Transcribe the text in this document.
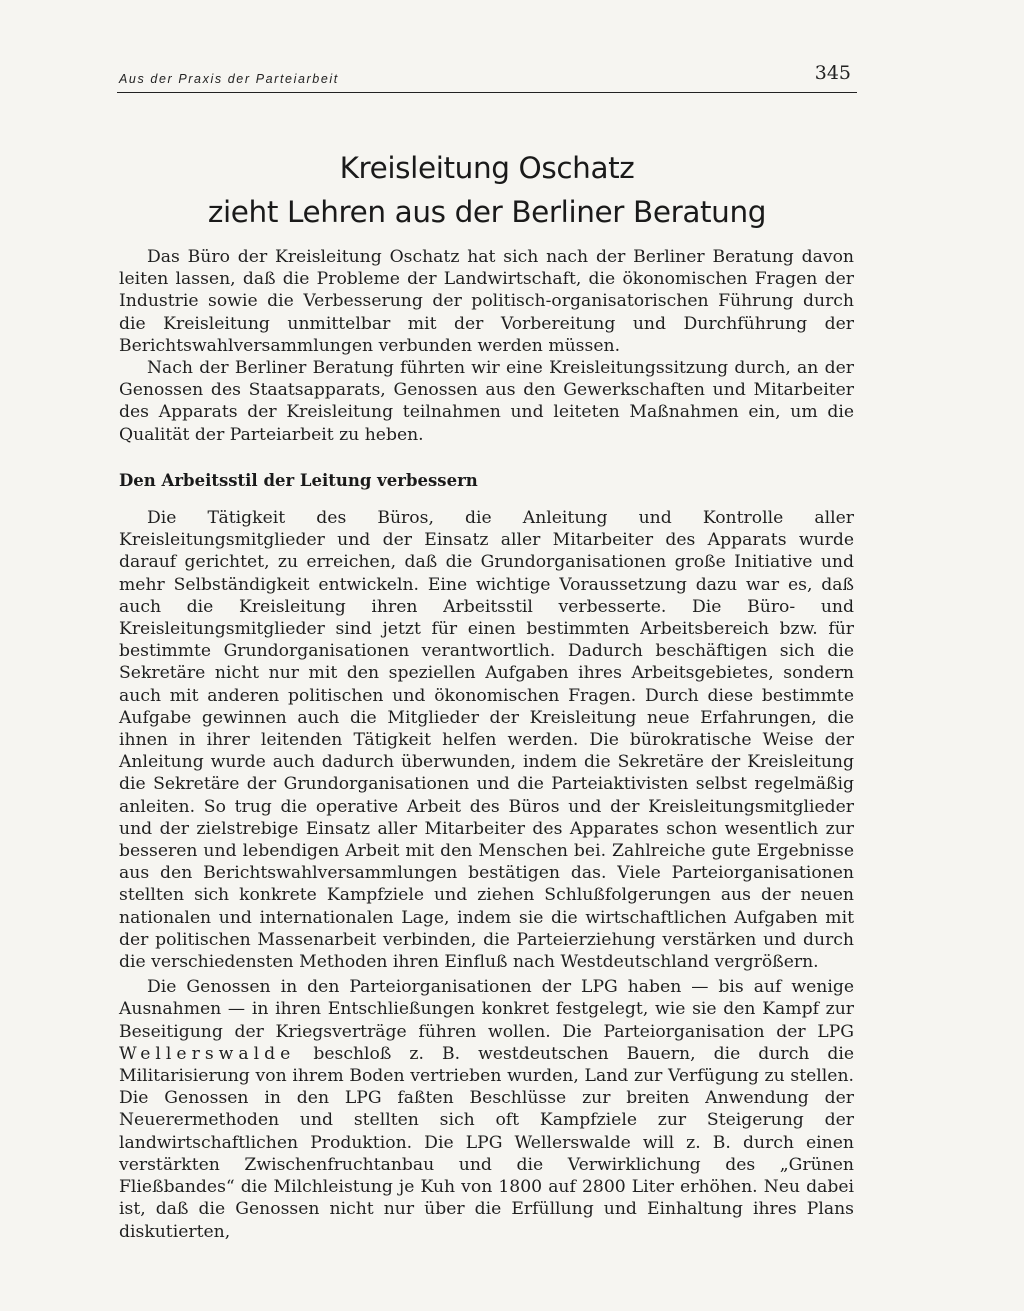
Aus der Praxis der Parteiarbeit	345
Kreisleitung Oschatz
zieht Lehren aus der Berliner Beratung

Das Büro der Kreisleitung Oschatz hat sich nach der Berliner Beratung davon leiten lassen, daß die Probleme der Landwirtschaft, die ökonomischen Fragen der Industrie sowie die Verbesserung der politisch-organisatorischen Führung durch die Kreisleitung unmittelbar mit der Vorbereitung und Durchführung der Berichtswahlversammlungen verbunden werden müssen.

Nach der Berliner Beratung führten wir eine Kreisleitungssitzung durch, an der Genossen des Staatsapparats, Genossen aus den Gewerkschaften und Mitarbeiter des Apparats der Kreisleitung teilnahmen und leiteten Maßnahmen ein, um die Qualität der Parteiarbeit zu heben.

Den Arbeitsstil der Leitung verbessern

Die Tätigkeit des Büros, die Anleitung und Kontrolle aller Kreisleitungsmitglieder und der Einsatz aller Mitarbeiter des Apparats wurde darauf gerichtet, zu erreichen, daß die Grundorganisationen große Initiative und mehr Selbständigkeit entwickeln. Eine wichtige Voraussetzung dazu war es, daß auch die Kreisleitung ihren Arbeitsstil verbesserte. Die Büro- und Kreisleitungsmitglieder sind jetzt für einen bestimmten Arbeitsbereich bzw. für bestimmte Grundorganisationen verantwortlich. Dadurch beschäftigen sich die Sekretäre nicht nur mit den speziellen Aufgaben ihres Arbeitsgebietes, sondern auch mit anderen politischen und ökonomischen Fragen. Durch diese bestimmte Aufgabe gewinnen auch die Mitglieder der Kreisleitung neue Erfahrungen, die ihnen in ihrer leitenden Tätigkeit helfen werden. Die bürokratische Weise der Anleitung wurde auch dadurch überwunden, indem die Sekretäre der Kreisleitung die Sekretäre der Grundorganisationen und die Parteiaktivisten selbst regelmäßig anleiten. So trug die operative Arbeit des Büros und der Kreisleitungsmitglieder und der zielstrebige Einsatz aller Mitarbeiter des Apparates schon wesentlich zur besseren und lebendigen Arbeit mit den Menschen bei. Zahlreiche gute Ergebnisse aus den Berichtswahlversammlungen bestätigen das. Viele Parteiorganisationen stellten sich konkrete Kampfziele und ziehen Schlußfolgerungen aus der neuen nationalen und internationalen Lage, indem sie die wirtschaftlichen Aufgaben mit der politischen Massenarbeit verbinden, die Parteierziehung verstärken und durch die verschiedensten Methoden ihren Einfluß nach Westdeutschland vergrößern.

Die Genossen in den Parteiorganisationen der LPG haben — bis auf wenige Ausnahmen — in ihren Entschließungen konkret festgelegt, wie sie den Kampf zur Beseitigung der Kriegsverträge führen wollen. Die Parteiorganisation der LPG Wellerswalde beschloß z. B. westdeutschen Bauern, die durch die Militarisierung von ihrem Boden vertrieben wurden, Land zur Verfügung zu stellen. Die Genossen in den LPG faßten Beschlüsse zur breiten Anwendung der Neuerermethoden und stellten sich oft Kampfziele zur Steigerung der landwirtschaftlichen Produktion. Die LPG Wellerswalde will z. B. durch einen verstärkten Zwischenfruchtanbau und die Verwirklichung des „Grünen Fließbandes“ die Milchleistung je Kuh von 1800 auf 2800 Liter erhöhen. Neu dabei ist, daß die Genossen nicht nur über die Erfüllung und Einhaltung ihres Plans diskutierten,
